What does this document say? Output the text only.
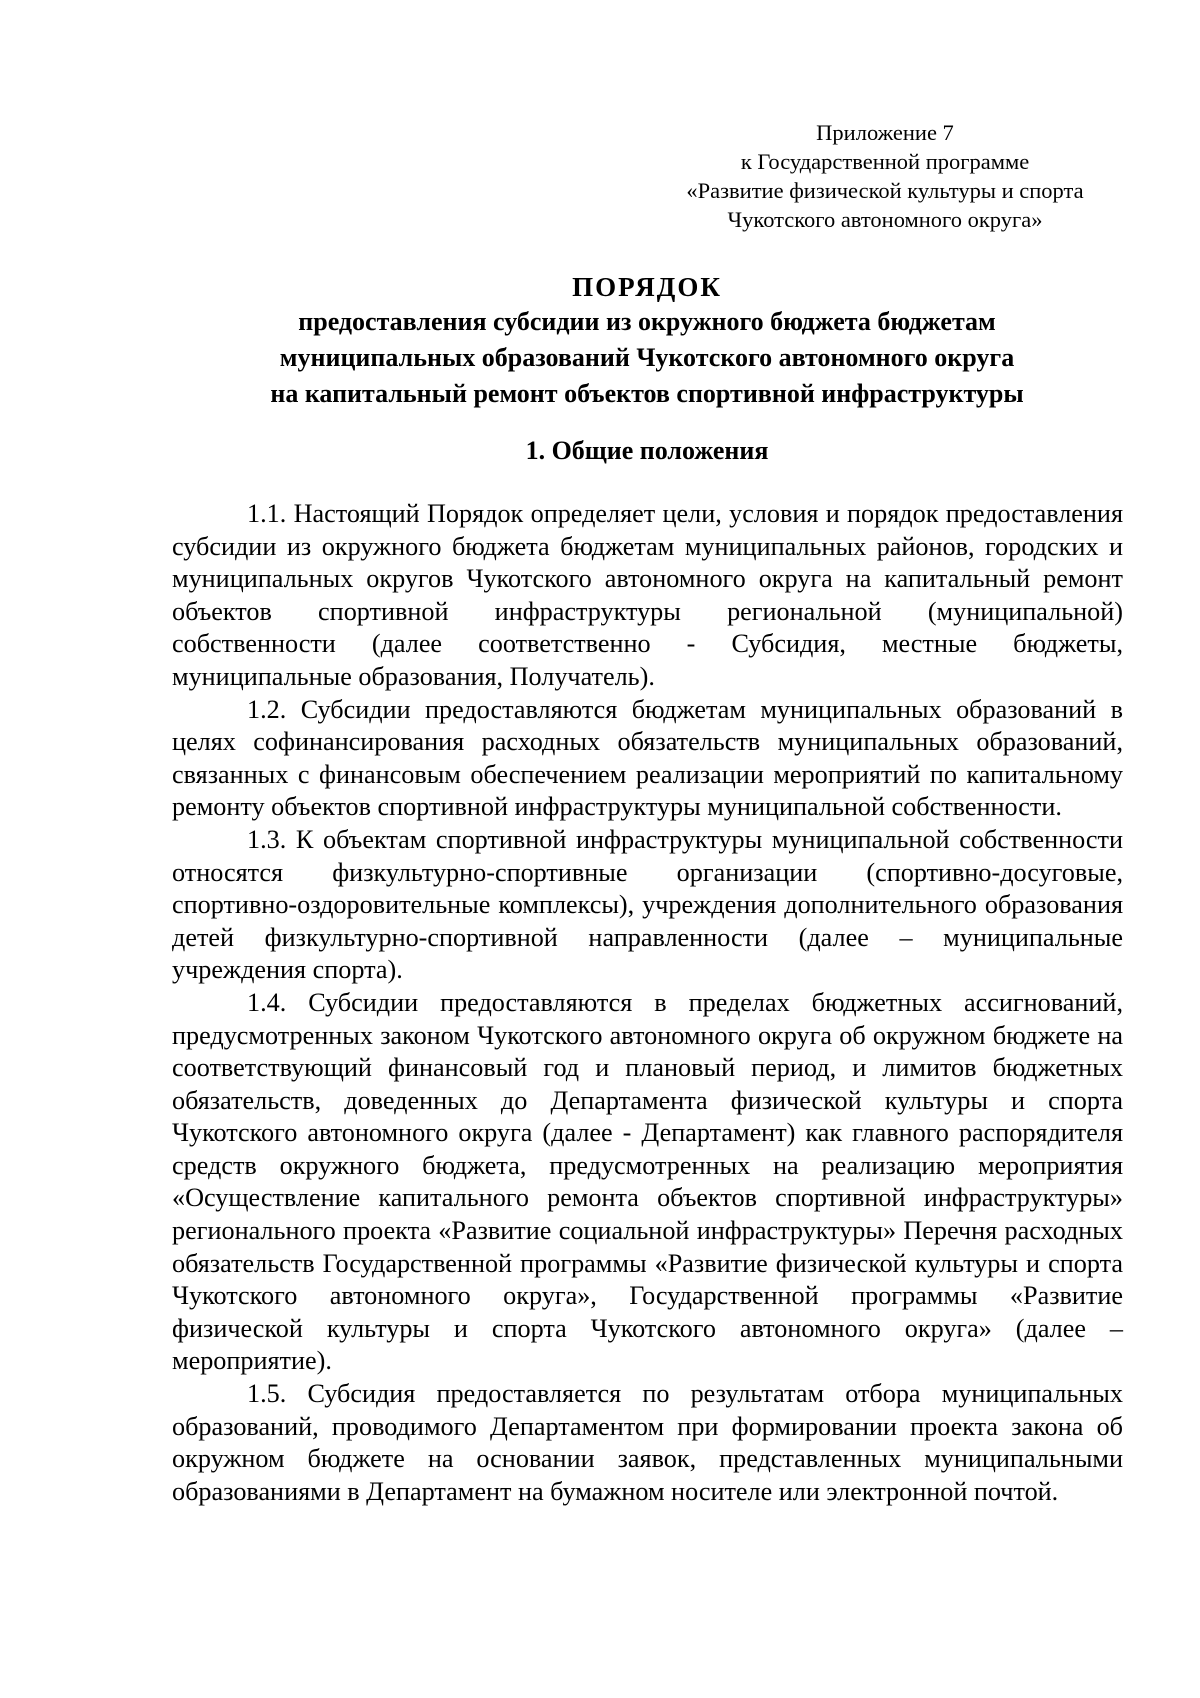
Приложение 7
к Государственной программе
«Развитие физической культуры и спорта
Чукотского автономного округа»
ПОРЯДОК
предоставления субсидии из окружного бюджета бюджетам
муниципальных образований Чукотского автономного округа
на капитальный ремонт объектов спортивной инфраструктуры
1. Общие положения

1.1. Настоящий Порядок определяет цели, условия и порядок предоставления субсидии из окружного бюджета бюджетам муниципальных районов, городских и муниципальных округов Чукотского автономного округа на капитальный ремонт объектов спортивной инфраструктуры региональной (муниципальной) собственности (далее соответственно - Субсидия, местные бюджеты, муниципальные образования, Получатель).

1.2. Субсидии предоставляются бюджетам муниципальных образований в целях софинансирования расходных обязательств муниципальных образований, связанных с финансовым обеспечением реализации мероприятий по капитальному ремонту объектов спортивной инфраструктуры муниципальной собственности.

1.3. К объектам спортивной инфраструктуры муниципальной собственности относятся физкультурно-спортивные организации (спортивно-досуговые, спортивно-оздоровительные комплексы), учреждения дополнительного образования детей физкультурно-спортивной направленности (далее – муниципальные учреждения спорта).

1.4. Субсидии предоставляются в пределах бюджетных ассигнований, предусмотренных законом Чукотского автономного округа об окружном бюджете на соответствующий финансовый год и плановый период, и лимитов бюджетных обязательств, доведенных до Департамента физической культуры и спорта Чукотского автономного округа (далее - Департамент) как главного распорядителя средств окружного бюджета, предусмотренных на реализацию мероприятия «Осуществление капитального ремонта объектов спортивной инфраструктуры» регионального проекта «Развитие социальной инфраструктуры» Перечня расходных обязательств Государственной программы «Развитие физической культуры и спорта Чукотского автономного округа», Государственной программы «Развитие физической культуры и спорта Чукотского автономного округа» (далее – мероприятие).

1.5. Субсидия предоставляется по результатам отбора муниципальных образований, проводимого Департаментом при формировании проекта закона об окружном бюджете на основании заявок, представленных муниципальными образованиями в Департамент на бумажном носителе или электронной почтой.
